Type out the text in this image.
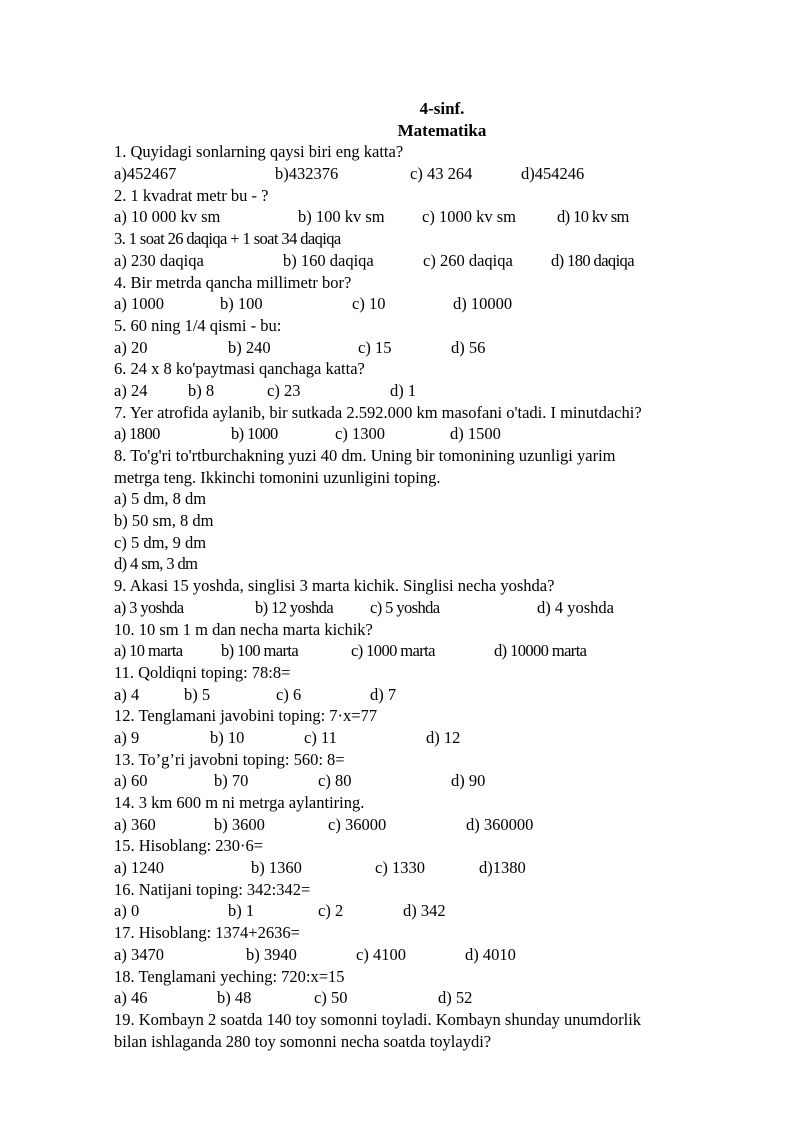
4-sinf.
Matematika
1. Quyidagi sonlarning qaysi biri eng katta?
a)452467	b)432376	c) 43 264	d)454246
2. 1 kvadrat metr bu - ?
a) 10 000 kv sm	b) 100 kv sm c) 1000 kv sm d) 10 kv sm
3. 1 soat 26 daqiqa + 1 soat 34 daqiqa
a) 230 daqiqa	b) 160 daqiqa	c) 260 daqiqa d) 180 daqiqa
4. Bir metrda qancha millimetr bor?
a) 1000	b) 100	c) 10	d) 10000
5. 60 ning 1/4 qismi - bu:
a) 20	b) 240	c) 15	d) 56
6. 24 x 8 ko'paytmasi qanchaga katta?
a) 24 b) 8	c) 23	d) 1
7. Yer atrofida aylanib, bir sutkada 2.592.000 km masofani o'tadi. I minutdachi?
a) 1800	b) 1000	c) 1300	d) 1500
8. To'g'ri to'rtburchakning yuzi 40 dm. Uning bir tomonining uzunligi yarim
metrga teng. Ikkinchi tomonini uzunligini toping.
a) 5 dm, 8 dm
b) 50 sm, 8 dm
c) 5 dm, 9 dm
d) 4 sm, 3 dm
9. Akasi 15 yoshda, singlisi 3 marta kichik. Singlisi necha yoshda?
a) 3 yoshda	b) 12 yoshda c) 5 yoshda	d) 4 yoshda
10. 10 sm 1 m dan necha marta kichik?
a) 10 marta b) 100 marta	c) 1000 marta	d) 10000 marta
11. Qoldiqni toping: 78:8=
a) 4	b) 5	c) 6	d) 7
12. Tenglamani javobini toping: 7·x=77
a) 9	b) 10	c) 11	d) 12
13. To’g’ri javobni toping: 560: 8=
a) 60	b) 70	c) 80	d) 90
14. 3 km 600 m ni metrga aylantiring.
a) 360	b) 3600	c) 36000	d) 360000
15. Hisoblang: 230·6=
a) 1240	b) 1360	c) 1330	d)1380
16. Natijani toping: 342:342=
a) 0	b) 1	c) 2	d) 342
17. Hisoblang: 1374+2636=
a) 3470	b) 3940	c) 4100	d) 4010
18. Tenglamani yeching: 720:x=15
a) 46	b) 48	c) 50	d) 52
19. Kombayn 2 soatda 140 toy somonni toyladi. Kombayn shunday unumdorlik
bilan ishlaganda 280 toy somonni necha soatda toylaydi?
